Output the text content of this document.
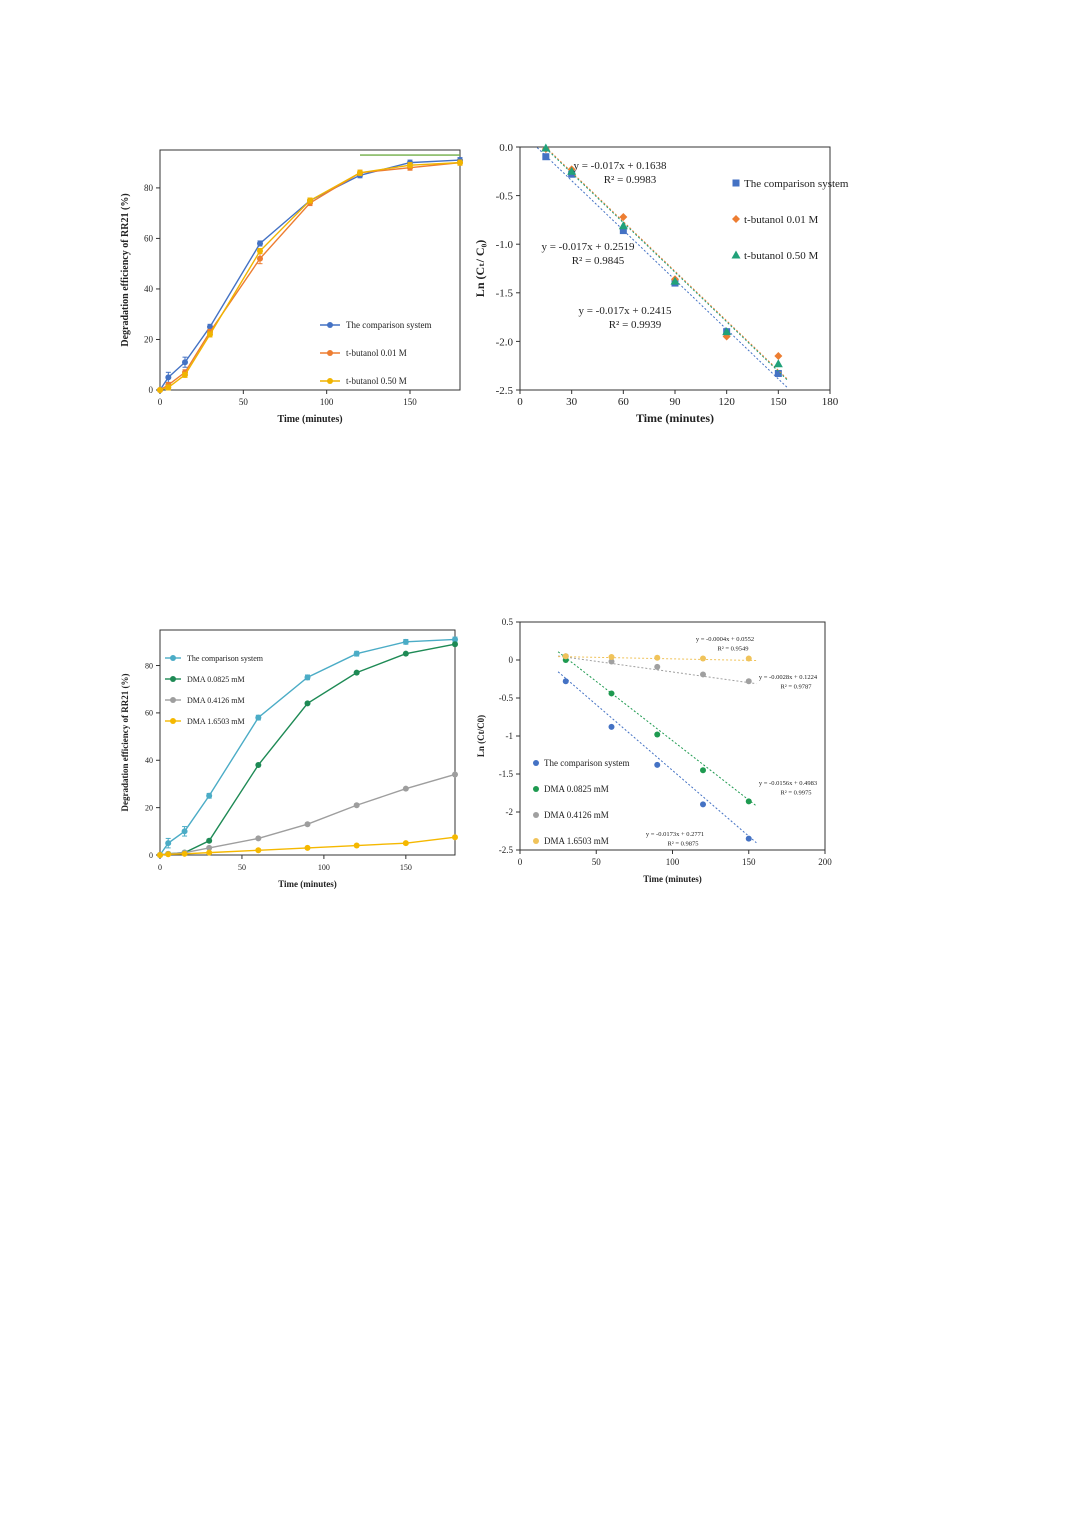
0	50	100	150
0
20
40
60
80
Time (minutes)
Degradation efficiency of RR21 (%)	The comparison system
t-butanol 0.01 M
t-butanol 0.50 M
0	30	60	90	120	150	180
0.0
-0.5
-1.0
-1.5
-2.0
-2.5
Time (minutes)
Ln (Cₜ/ C₀)
The comparison system
t-butanol 0.01 M
t-butanol 0.50 M
y = -0.017x + 0.1638
R² = 0.9983
y = -0.017x + 0.2519
R² = 0.9845
y = -0.017x + 0.2415
R² = 0.9939
0	50	100	150
0
20
40
60
80
Time (minutes)
Degradation efficiency of RR21 (%)
The comparison system
DMA 0.0825 mM
DMA 0.4126 mM
DMA 1.6503 mM
0	50	100	150	200
0.5
0
-0.5
-1
-1.5
-2
-2.5
Time (minutes)
Ln (Ct/C0)
The comparison system
DMA 0.0825 mM
DMA 0.4126 mM
DMA 1.6503 mM
y = -0.0004x + 0.0552
R² = 0.9549
y = -0.0028x + 0.1224
R² = 0.9787
y = -0.0156x + 0.4983
R² = 0.9975
y = -0.0173x + 0.2771
R² = 0.9875
